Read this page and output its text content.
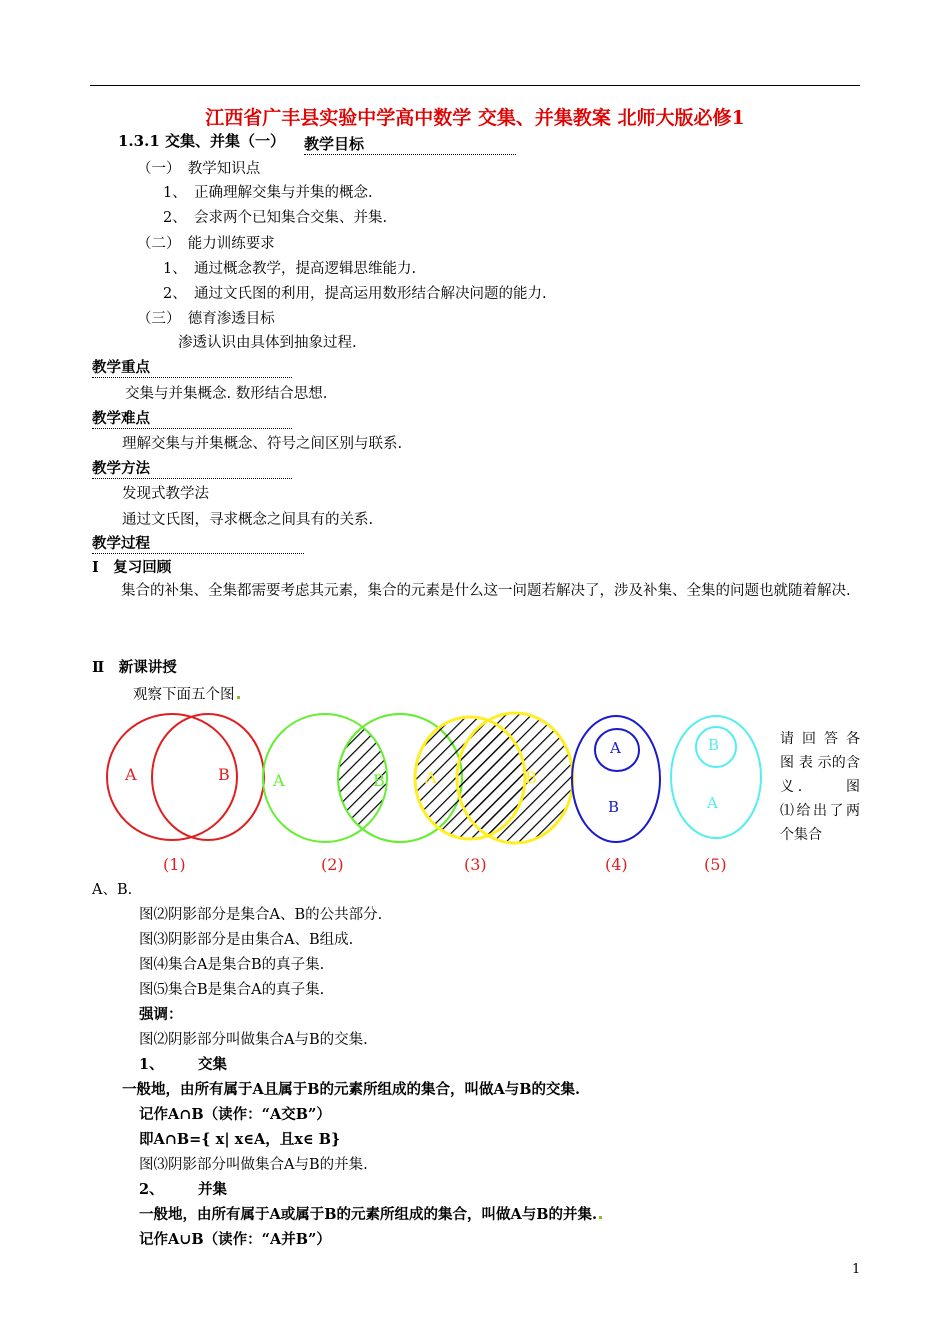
江西省广丰县实验中学高中数学 交集、并集教案 北师大版必修1
1.3.1 交集、并集（一） 教学目标
（一）　教学知识点
1、　正确理解交集与并集的概念.
2、　会求两个已知集合交集、并集.
（二）　能力训练要求
1、　通过概念教学，提高逻辑思维能力.
2、　通过文氏图的利用，提高运用数形结合解决问题的能力.
（三）　德育渗透目标
渗透认识由具体到抽象过程.
教学重点
交集与并集概念. 数形结合思想.
教学难点
理解交集与并集概念、符号之间区别与联系.
教学方法
发现式教学法
通过文氏图，寻求概念之间具有的关系.
教学过程
Ⅰ　复习回顾
集合的补集、全集都需要考虑其元素，集合的元素是什么这一问题若解决了，涉及补集、全集的问题也就随着解决.
Ⅱ　新课讲授
观察下面五个图
A	B	A	B	A	B
A
B
B
A
(1)	(2)	(3)	(4)	(5)
请 回 答 各 图 表 示的含义. 　　图 ⑴给出了两个集合
A、B.
图⑵阴影部分是集合A、B的公共部分.
图⑶阴影部分是由集合A、B组成.
图⑷集合A是集合B的真子集.
图⑸集合B是集合A的真子集.
强调：
图⑵阴影部分叫做集合A与B的交集.
1、 交集
一般地，由所有属于A且属于B的元素所组成的集合，叫做A与B的交集.
记作A∩B（读作：“A交B”）
即A∩B={ x| x∈A，且x∈ B}
图⑶阴影部分叫做集合A与B的并集.
2、 并集
一般地，由所有属于A或属于B的元素所组成的集合，叫做A与B的并集.
记作A∪B（读作：“A并B”）
1
